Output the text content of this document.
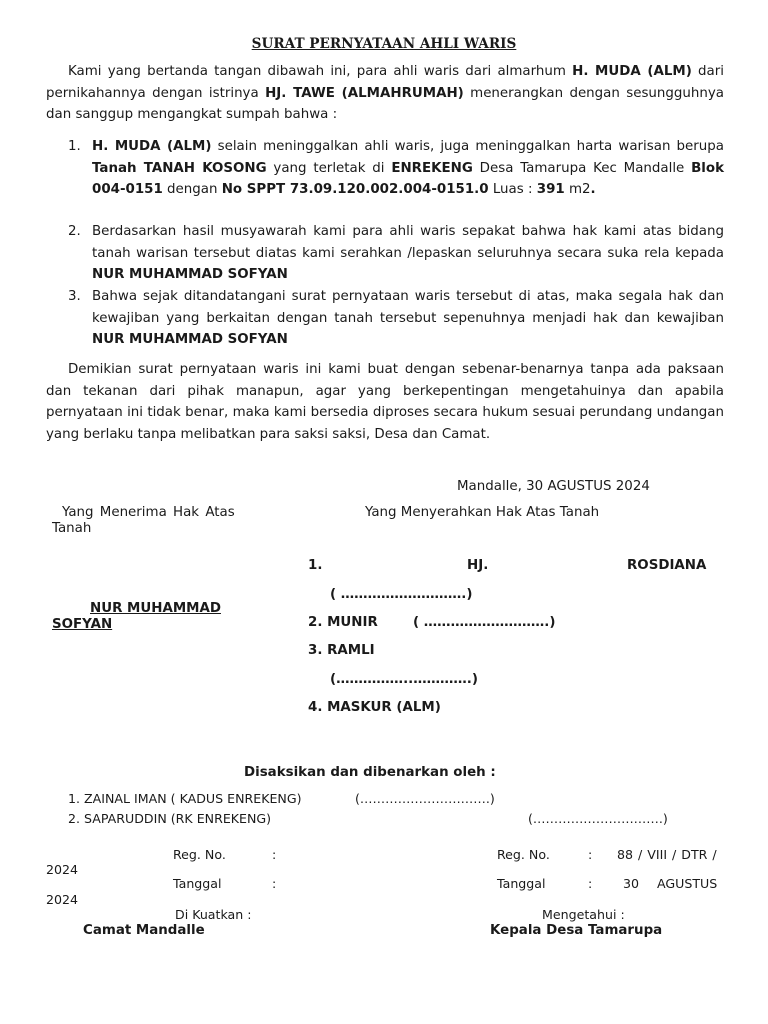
SURAT PERNYATAAN AHLI WARIS
Kami yang bertanda tangan dibawah ini, para ahli waris dari almarhum H. MUDA (ALM) dari pernikahannya dengan istrinya HJ. TAWE (ALMAHRUMAH) menerangkan dengan sesungguhnya dan sanggup mengangkat sumpah bahwa :
1. H. MUDA (ALM) selain meninggalkan ahli waris, juga meninggalkan harta warisan berupa Tanah TANAH KOSONG yang terletak di ENREKENG Desa Tamarupa Kec Mandalle Blok 004-0151 dengan No SPPT 73.09.120.002.004-0151.0 Luas : 391 m2.
2. Berdasarkan hasil musyawarah kami para ahli waris sepakat bahwa hak kami atas bidang tanah warisan tersebut diatas kami serahkan /lepaskan seluruhnya secara suka rela kepada NUR MUHAMMAD SOFYAN
3. Bahwa sejak ditandatangani surat pernyataan waris tersebut di atas, maka segala hak dan kewajiban yang berkaitan dengan tanah tersebut sepenuhnya menjadi hak dan kewajiban NUR MUHAMMAD SOFYAN
Demikian surat pernyataan waris ini kami buat dengan sebenar-benarnya tanpa ada paksaan dan tekanan dari pihak manapun, agar yang berkepentingan mengetahuinya dan apabila pernyataan ini tidak benar, maka kami bersedia diproses secara hukum sesuai perundang undangan yang berlaku tanpa melibatkan para saksi saksi, Desa dan Camat.
Mandalle, 30 AGUSTUS 2024
Yang Menerima Hak Atas
Tanah
NUR MUHAMMAD
SOFYAN
Yang Menyerahkan Hak Atas Tanah
1.	HJ.	ROSDIANA
( ……………………….)
2. MUNIR	( ……………………….)
3. RAMLI
(……………..………….)
4. MASKUR (ALM)
Disaksikan dan dibenarkan oleh :
1. ZAINAL IMAN ( KADUS ENREKENG)	(………………………….)
2. SAPARUDDIN (RK ENREKENG)	(………………………….)
Reg. No.	:	Reg. No.	: 88 / VIII / DTR /
2024
Tanggal	:	Tanggal	: 30 AGUSTUS
2024
Di Kuatkan :	Mengetahui :
Camat Mandalle	Kepala Desa Tamarupa
